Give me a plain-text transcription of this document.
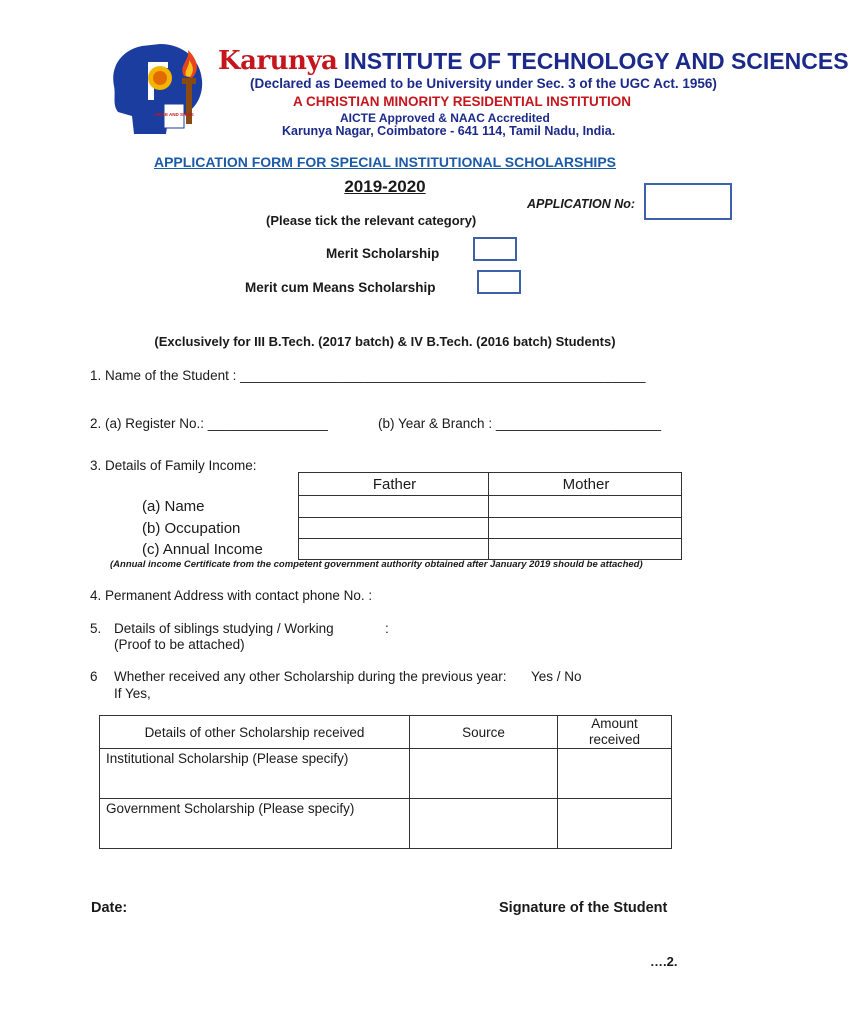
ARISE AND SHINE
Karunya INSTITUTE OF TECHNOLOGY AND SCIENCES
(Declared as Deemed to be University under Sec. 3 of the UGC Act. 1956)
A CHRISTIAN MINORITY RESIDENTIAL INSTITUTION
AICTE Approved & NAAC Accredited
Karunya Nagar, Coimbatore - 641 114, Tamil Nadu, India.
APPLICATION FORM FOR SPECIAL INSTITUTIONAL SCHOLARSHIPS
2019-2020
APPLICATION No:
(Please tick the relevant category)
Merit Scholarship
Merit cum Means Scholarship
(Exclusively for III B.Tech. (2017 batch) & IV B.Tech. (2016 batch) Students)
1. Name of the Student : ______________________________________________________
2. (a) Register No.: ________________	(b) Year & Branch : ______________________
3. Details of Family Income:
	Father	Mother
(a) Name		
(b) Occupation		
(c) Annual Income		
(Annual income Certificate from the competent government authority obtained after January 2019 should be attached)
4. Permanent Address with contact phone No. :
5. Details of siblings studying / Working	:
(Proof to be attached)
6 Whether received any other Scholarship during the previous year: Yes / No
If Yes,
Details of other Scholarship received	Source	Amount received
Institutional Scholarship (Please specify)		
Government Scholarship (Please specify)		
Date:	Signature of the Student
….2.
